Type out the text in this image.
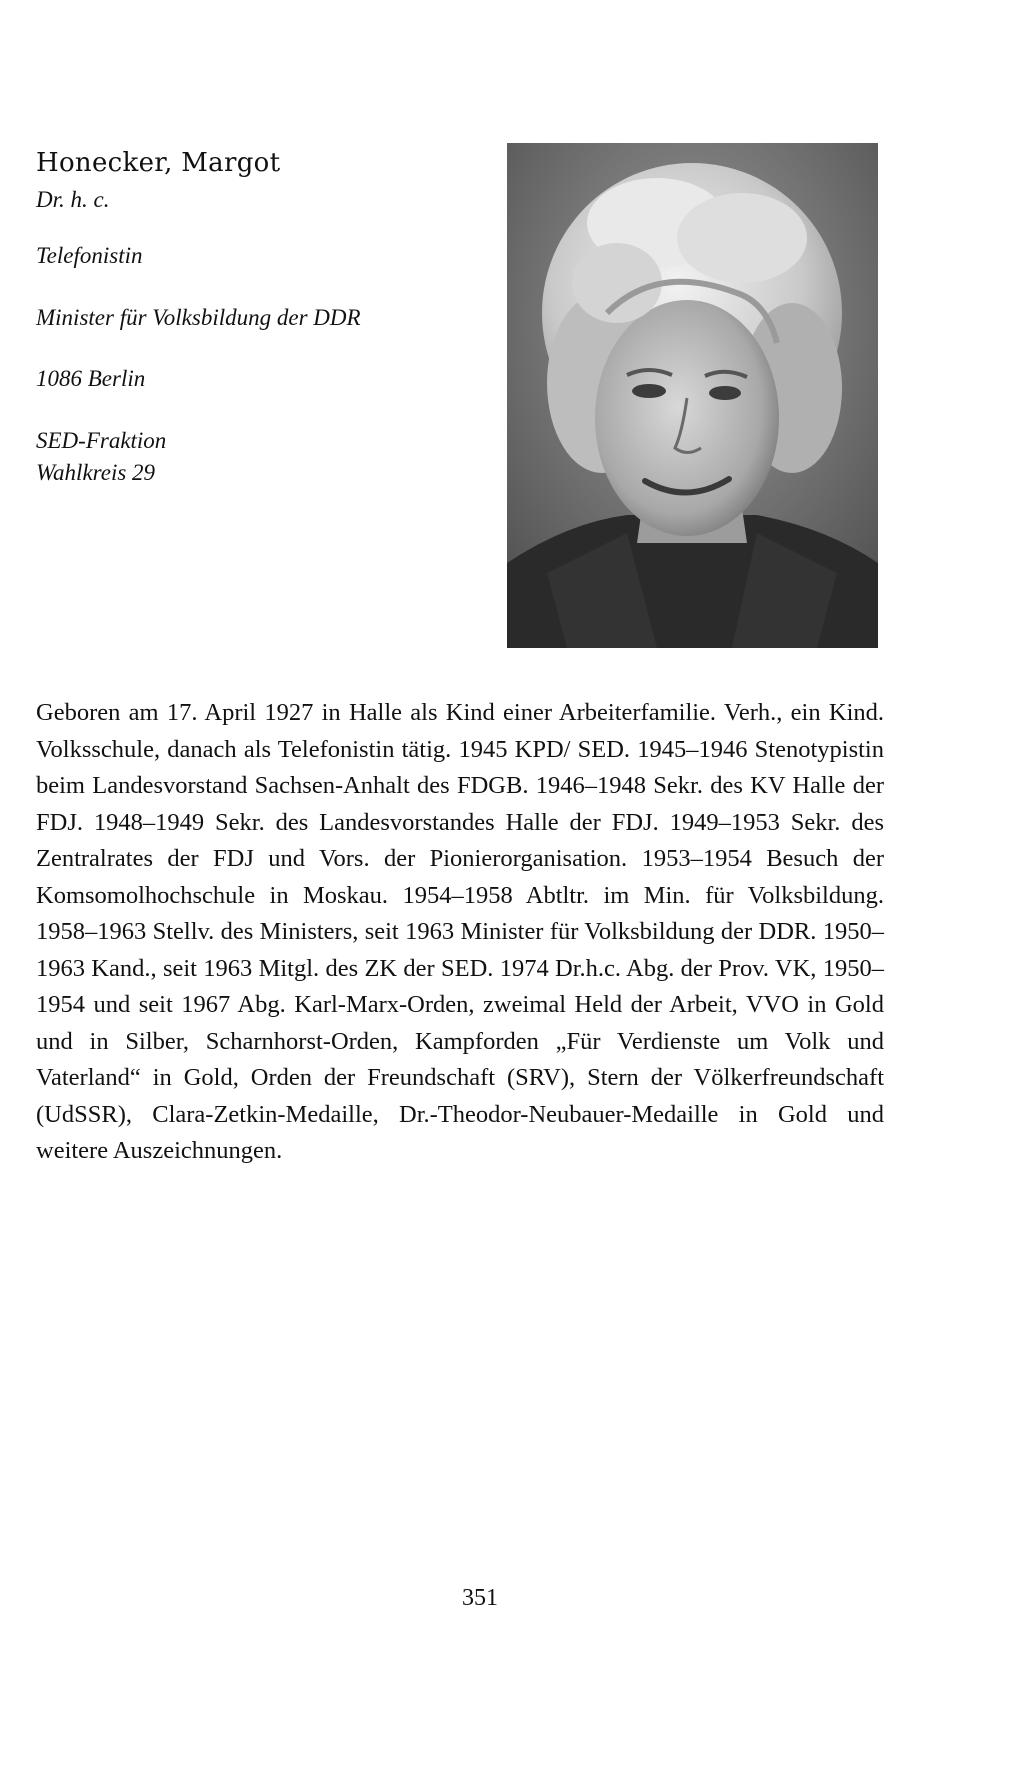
Honecker, Margot
Dr. h. c.
Telefonistin
Minister für Volksbildung der DDR
1086 Berlin
SED-Fraktion
Wahlkreis 29
Geboren am 17. April 1927 in Halle als Kind einer Arbeiterfamilie. Verh., ein Kind. Volksschule, danach als Telefonistin tätig. 1945 KPD/ SED. 1945–1946 Stenotypistin beim Landesvorstand Sachsen-Anhalt des FDGB. 1946–1948 Sekr. des KV Halle der FDJ. 1948–1949 Sekr. des Landesvorstandes Halle der FDJ. 1949–1953 Sekr. des Zentralrates der FDJ und Vors. der Pionierorganisation. 1953–1954 Besuch der Komsomolhochschule in Moskau. 1954–1958 Abtltr. im Min. für Volksbildung. 1958–1963 Stellv. des Ministers, seit 1963 Minister für Volksbildung der DDR. 1950–1963 Kand., seit 1963 Mitgl. des ZK der SED. 1974 Dr.h.c. Abg. der Prov. VK, 1950–1954 und seit 1967 Abg. Karl-Marx-Orden, zweimal Held der Arbeit, VVO in Gold und in Silber, Scharnhorst-Orden, Kampforden „Für Verdienste um Volk und Vaterland“ in Gold, Orden der Freundschaft (SRV), Stern der Völkerfreundschaft (UdSSR), Clara-Zetkin-Medaille, Dr.-Theodor-Neubauer-Medaille in Gold und weitere Auszeichnungen.
351
